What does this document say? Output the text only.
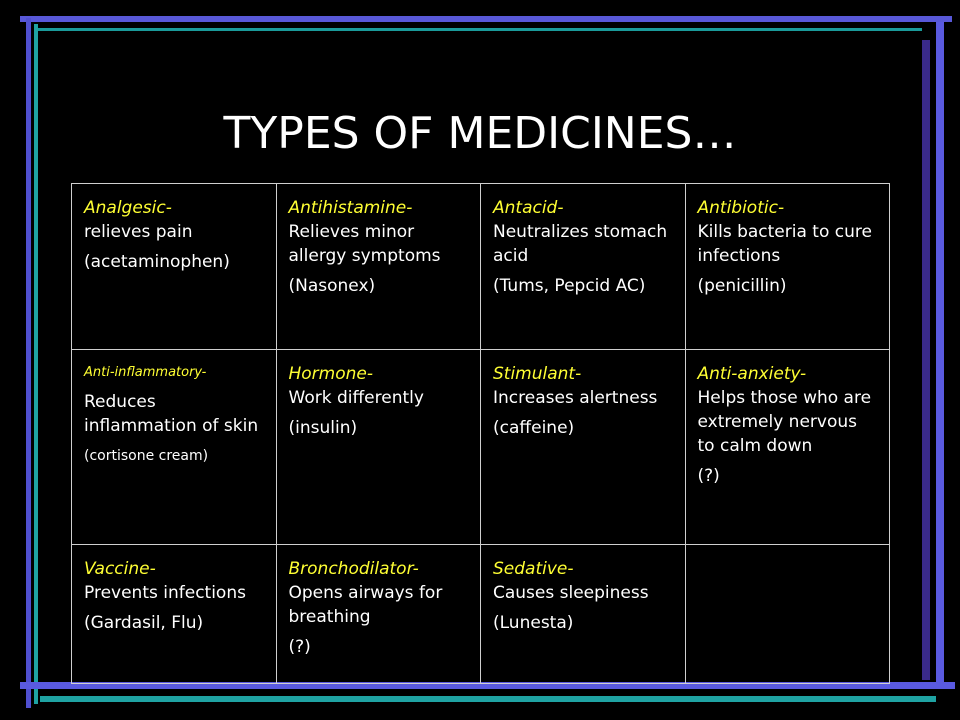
TYPES OF MEDICINES…
Analgesic-
relieves pain
(acetaminophen)	Antihistamine-
Relieves minor allergy symptoms
(Nasonex)	Antacid-
Neutralizes stomach acid
(Tums, Pepcid AC)	Antibiotic-
Kills bacteria to cure infections
(penicillin)

Anti-inflammatory-
Reduces inflammation of skin
(cortisone cream)	Hormone-
Work differently
(insulin)	Stimulant-
Increases alertness
(caffeine)	Anti-anxiety-
Helps those who are extremely nervous to calm down
(?)

Vaccine-
Prevents infections
(Gardasil, Flu)	Bronchodilator-
Opens airways for breathing
(?)	Sedative-
Causes sleepiness
(Lunesta)	
